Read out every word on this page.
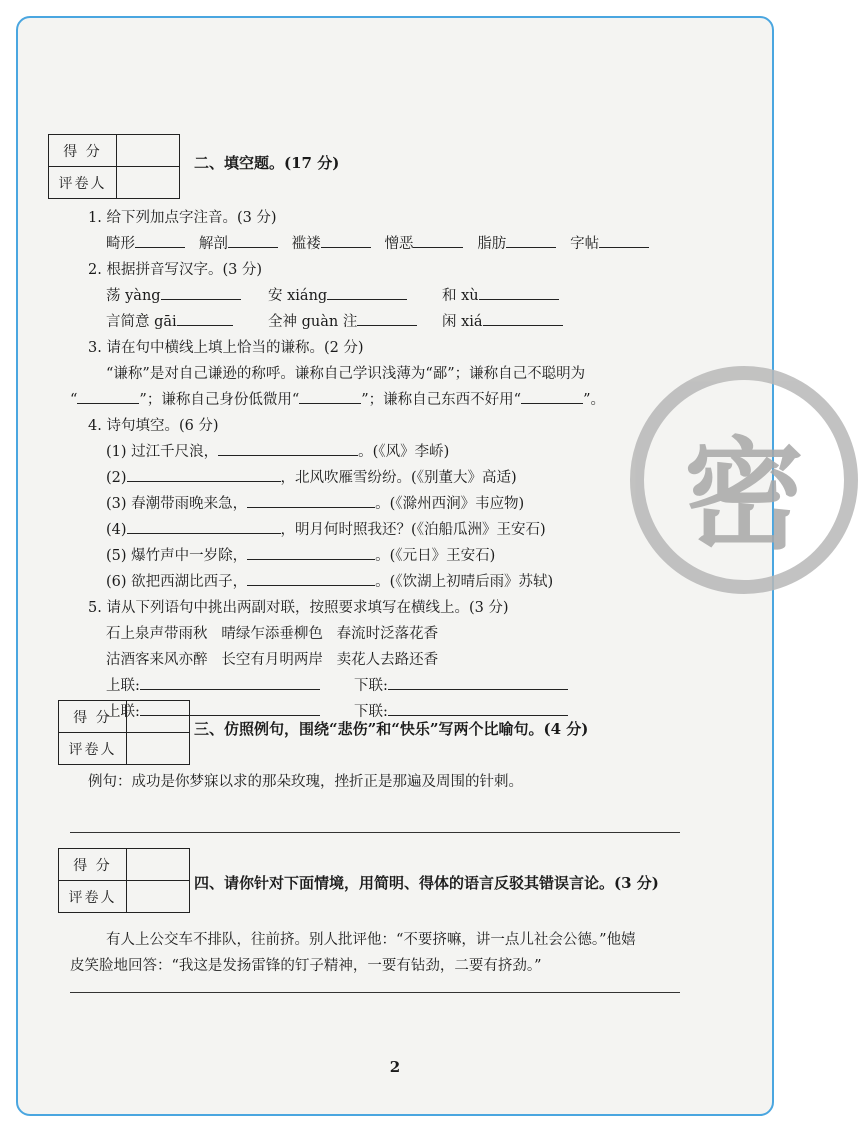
密
得 分	
评卷人	
二、填空题。(17 分)
1. 给下列加点字注音。(3 分)
畸形	解剖	褴褛	憎恶	脂肪	字帖
2. 根据拼音写汉字。(3 分)
荡 yàng	安 xiáng	和 xù
言简意 gāi	全神 guàn 注	闲 xiá
3. 请在句中横线上填上恰当的谦称。(2 分)
“谦称”是对自己谦逊的称呼。谦称自己学识浅薄为“鄙”；谦称自己不聪明为
“	”；谦称自己身份低微用“	”；谦称自己东西不好用“	”。
4. 诗句填空。(6 分)
(1) 过江千尺浪，	。(《风》李峤)
(2)	，北风吹雁雪纷纷。(《别董大》高适)
(3) 春潮带雨晚来急，	。(《滁州西涧》韦应物)
(4)	，明月何时照我还？(《泊船瓜洲》王安石)
(5) 爆竹声中一岁除，	。(《元日》王安石)
(6) 欲把西湖比西子，	。(《饮湖上初晴后雨》苏轼)
5. 请从下列语句中挑出两副对联，按照要求填写在横线上。(3 分)
石上泉声带雨秋   晴绿乍添垂柳色   春流时泛落花香
沽酒客来风亦醉   长空有月明两岸   卖花人去路还香
上联:	下联:
上联:	下联:
得 分	
评卷人	
三、仿照例句，围绕“悲伤”和“快乐”写两个比喻句。(4 分)
例句：成功是你梦寐以求的那朵玫瑰，挫折正是那遍及周围的针刺。
得 分	
评卷人	
四、请你针对下面情境，用简明、得体的语言反驳其错误言论。(3 分)
有人上公交车不排队，往前挤。别人批评他：“不要挤嘛，讲一点儿社会公德。”他嬉
皮笑脸地回答：“我这是发扬雷锋的钉子精神，一要有钻劲，二要有挤劲。”
2
